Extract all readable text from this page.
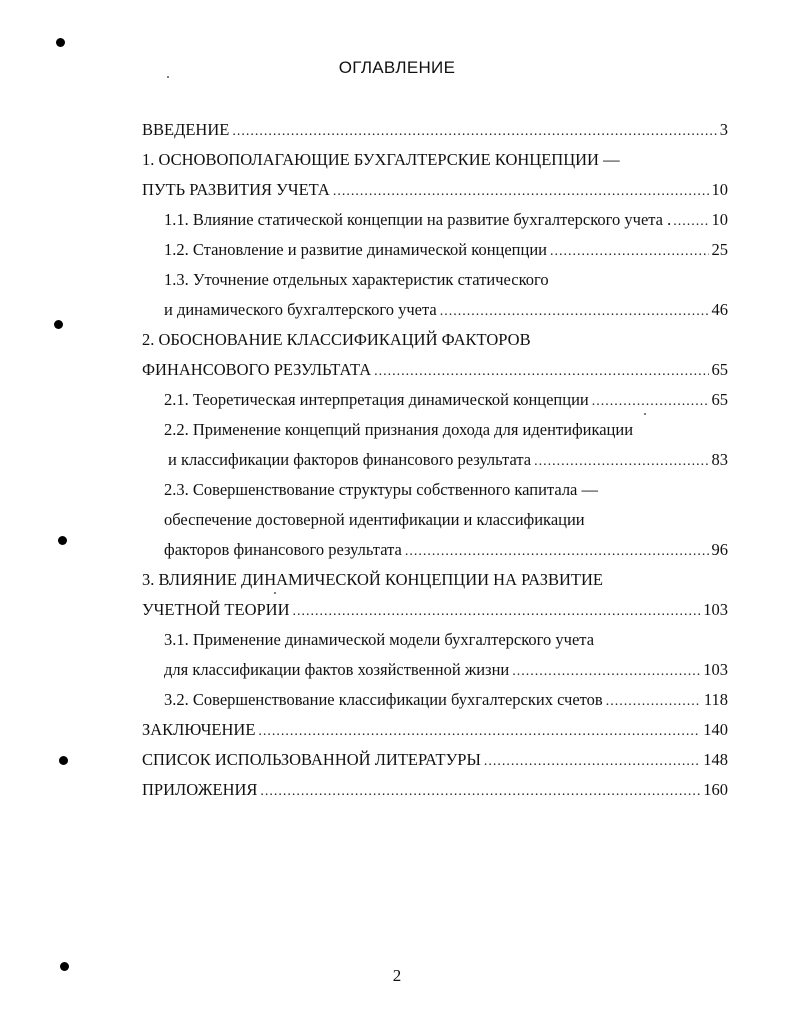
ОГЛАВЛЕНИЕ
ВВЕДЕНИЕ .....	3
1. ОСНОВОПОЛАГАЮЩИЕ БУХГАЛТЕРСКИЕ КОНЦЕПЦИИ —
ПУТЬ РАЗВИТИЯ УЧЕТА .....	10
1.1. Влияние статической концепции на развитие бухгалтерского учета . ..... 10
1.2. Становление и развитие динамической концепции .....	25
1.3. Уточнение отдельных характеристик статического
и динамического бухгалтерского учета .....	46
2. ОБОСНОВАНИЕ КЛАССИФИКАЦИЙ ФАКТОРОВ
ФИНАНСОВОГО РЕЗУЛЬТАТА .....	65
2.1. Теоретическая интерпретация динамической концепции .....	65
2.2. Применение концепций признания дохода для идентификации
и классификации факторов финансового результата .....	83
2.3. Совершенствование структуры собственного капитала —
обеспечение достоверной идентификации и классификации
факторов финансового результата .....	96
3. ВЛИЯНИЕ ДИНАМИЧЕСКОЙ КОНЦЕПЦИИ НА РАЗВИТИЕ
УЧЕТНОЙ ТЕОРИИ .....	103
3.1. Применение динамической модели бухгалтерского учета
для классификации фактов хозяйственной жизни .....	103
3.2. Совершенствование классификации бухгалтерских счетов .....	118
ЗАКЛЮЧЕНИЕ .....	140
СПИСОК ИСПОЛЬЗОВАННОЙ ЛИТЕРАТУРЫ .....	148
ПРИЛОЖЕНИЯ .....	160
2
